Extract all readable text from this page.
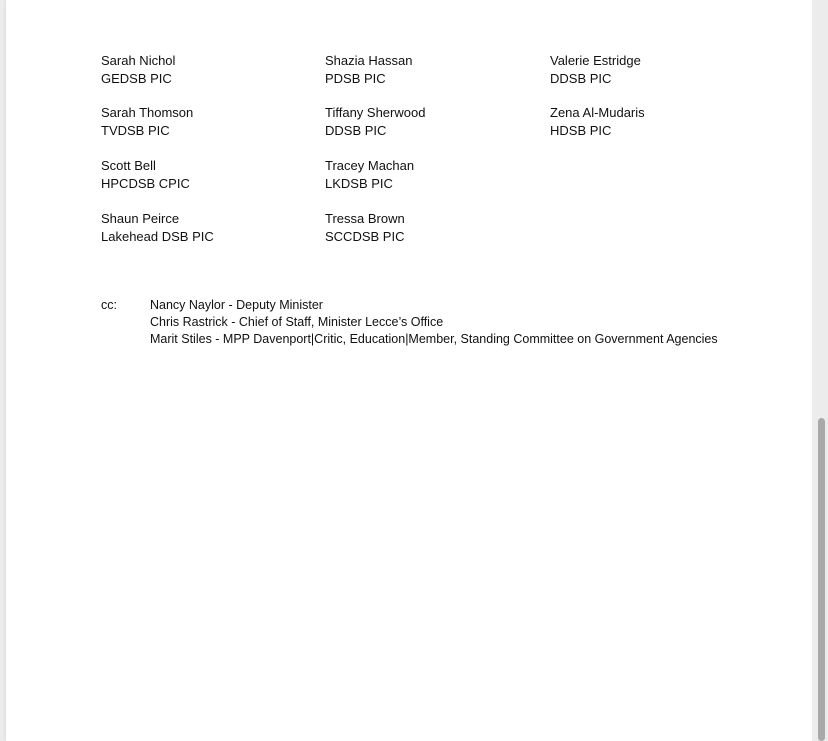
Sarah Nichol
GEDSB PIC
Sarah Thomson
TVDSB PIC
Scott Bell
HPCDSB CPIC
Shaun Peirce
Lakehead DSB PIC
Shazia Hassan
PDSB PIC
Tiffany Sherwood
DDSB PIC
Tracey Machan
LKDSB PIC
Tressa Brown
SCCDSB PIC
Valerie Estridge
DDSB PIC
Zena Al-Mudaris
HDSB PIC
cc:	Nancy Naylor - Deputy Minister
Chris Rastrick - Chief of Staff, Minister Lecce’s Office
Marit Stiles - MPP Davenport|Critic, Education|Member, Standing Committee on Government Agencies
